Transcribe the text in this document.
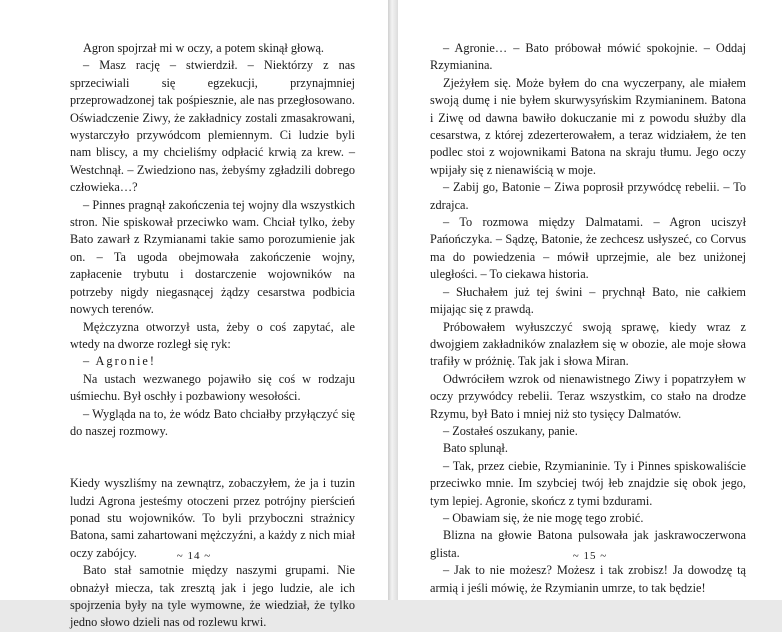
Agron spojrzał mi w oczy, a potem skinął głową.

– Masz rację – stwierdził. – Niektórzy z nas sprzeciwiali się egzekucji, przynajmniej przeprowadzonej tak pośpiesznie, ale nas przegłosowano. Oświadczenie Ziwy, że zakładnicy zostali zmasakrowani, wystarczyło przywódcom plemiennym. Ci ludzie byli nam bliscy, a my chcieliśmy odpłacić krwią za krew. – Westchnął. – Zwiedziono nas, żebyśmy zgładzili dobrego człowieka…?

– Pinnes pragnął zakończenia tej wojny dla wszystkich stron. Nie spiskował przeciwko wam. Chciał tylko, żeby Bato zawarł z Rzymianami takie samo porozumienie jak on. – Ta ugoda obejmowała zakończenie wojny, zapłacenie trybutu i dostarczenie wojowników na potrzeby nigdy niegasnącej żądzy cesarstwa podbicia nowych terenów.

Mężczyzna otworzył usta, żeby o coś zapytać, ale wtedy na dworze rozległ się ryk:

– Agronie!

Na ustach wezwanego pojawiło się coś w rodzaju uśmiechu. Był oschły i pozbawiony wesołości.

– Wygląda na to, że wódz Bato chciałby przyłączyć się do naszej rozmowy.

Kiedy wyszliśmy na zewnątrz, zobaczyłem, że ja i tuzin ludzi Agrona jesteśmy otoczeni przez potrójny pierścień ponad stu wojowników. To byli przyboczni strażnicy Batona, sami zahartowani mężczyźni, a każdy z nich miał oczy zabójcy.

Bato stał samotnie między naszymi grupami. Nie obnażył miecza, tak zresztą jak i jego ludzie, ale ich spojrzenia były na tyle wymowne, że wiedział, że tylko jedno słowo dzieli nas od rozlewu krwi.

~ 14 ~

– Agronie… – Bato próbował mówić spokojnie. – Oddaj Rzymianina.

Zjeżyłem się. Może byłem do cna wyczerpany, ale miałem swoją dumę i nie byłem skurwysyńskim Rzymianinem. Batona i Ziwę od dawna bawiło dokuczanie mi z powodu służby dla cesarstwa, z której zdezerterowałem, a teraz widziałem, że ten podlec stoi z wojownikami Batona na skraju tłumu. Jego oczy wpijały się z nienawiścią w moje.

– Zabij go, Batonie – Ziwa poprosił przywódcę rebelii. – To zdrajca.

– To rozmowa między Dalmatami. – Agron uciszył Pańończyka. – Sądzę, Batonie, że zechcesz usłyszeć, co Corvus ma do powiedzenia – mówił uprzejmie, ale bez uniżonej uległości. – To ciekawa historia.

– Słuchałem już tej świni – prychnął Bato, nie całkiem mijając się z prawdą.

Próbowałem wyłuszczyć swoją sprawę, kiedy wraz z dwojgiem zakładników znalazłem się w obozie, ale moje słowa trafiły w próżnię. Tak jak i słowa Miran.

Odwróciłem wzrok od nienawistnego Ziwy i popatrzyłem w oczy przywódcy rebelii. Teraz wszystkim, co stało na drodze Rzymu, był Bato i mniej niż sto tysięcy Dalmatów.

– Zostałeś oszukany, panie.

Bato splunął.

– Tak, przez ciebie, Rzymianinie. Ty i Pinnes spiskowaliście przeciwko mnie. Im szybciej twój łeb znajdzie się obok jego, tym lepiej. Agronie, skończ z tymi bzdurami.

– Obawiam się, że nie mogę tego zrobić.

Blizna na głowie Batona pulsowała jak jaskrawoczerwona glista.

– Jak to nie możesz? Możesz i tak zrobisz! Ja dowodzę tą armią i jeśli mówię, że Rzymianin umrze, to tak będzie!

~ 15 ~
